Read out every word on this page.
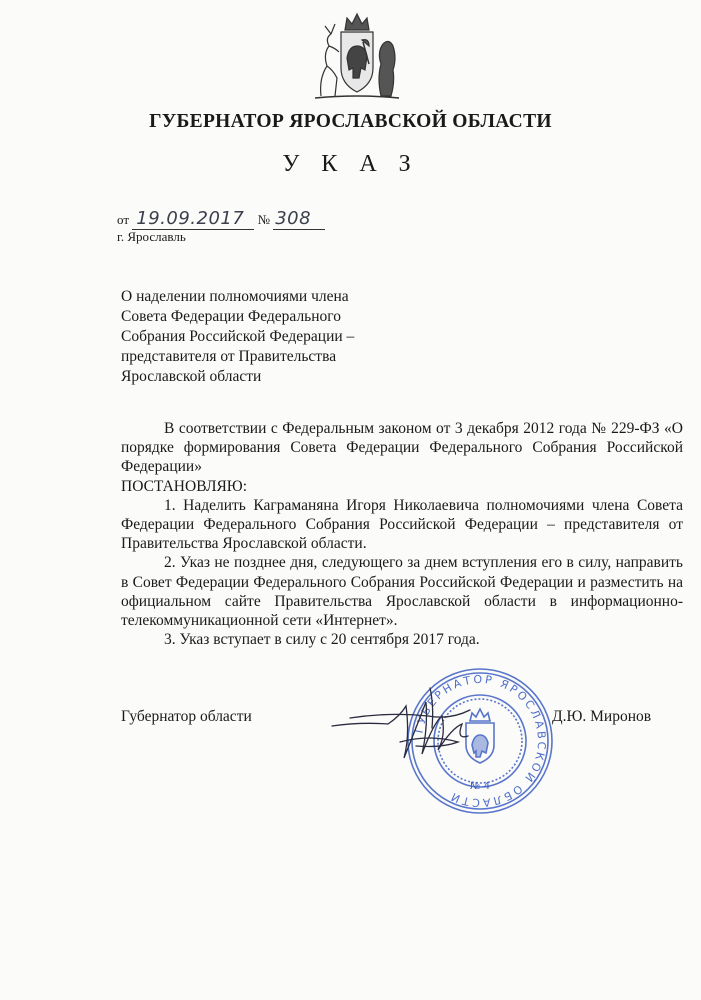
ГУБЕРНАТОР ЯРОСЛАВСКОЙ ОБЛАСТИ
У К А З
от 19.09.2017 № 308
г. Ярославль
О наделении полномочиями члена
Совета Федерации Федерального
Собрания Российской Федерации –
представителя от Правительства
Ярославской области

В соответствии с Федеральным законом от 3 декабря 2012 года № 229-ФЗ «О порядке формирования Совета Федерации Федерального Собрания Российской Федерации»

ПОСТАНОВЛЯЮ:

1. Наделить Каграманяна Игоря Николаевича полномочиями члена Совета Федерации Федерального Собрания Российской Федерации – представителя от Правительства Ярославской области.

2. Указ не позднее дня, следующего за днем вступления его в силу, направить в Совет Федерации Федерального Собрания Российской Федерации и разместить на официальном сайте Правительства Ярославской области в информационно-телекоммуникационной сети «Интернет».

3. Указ вступает в силу с 20 сентября 2017 года.

Губернатор области
ГУБЕРНАТОР ЯРОСЛАВСКОЙ ОБЛАСТИ
№ 4
Д.Ю. Миронов
